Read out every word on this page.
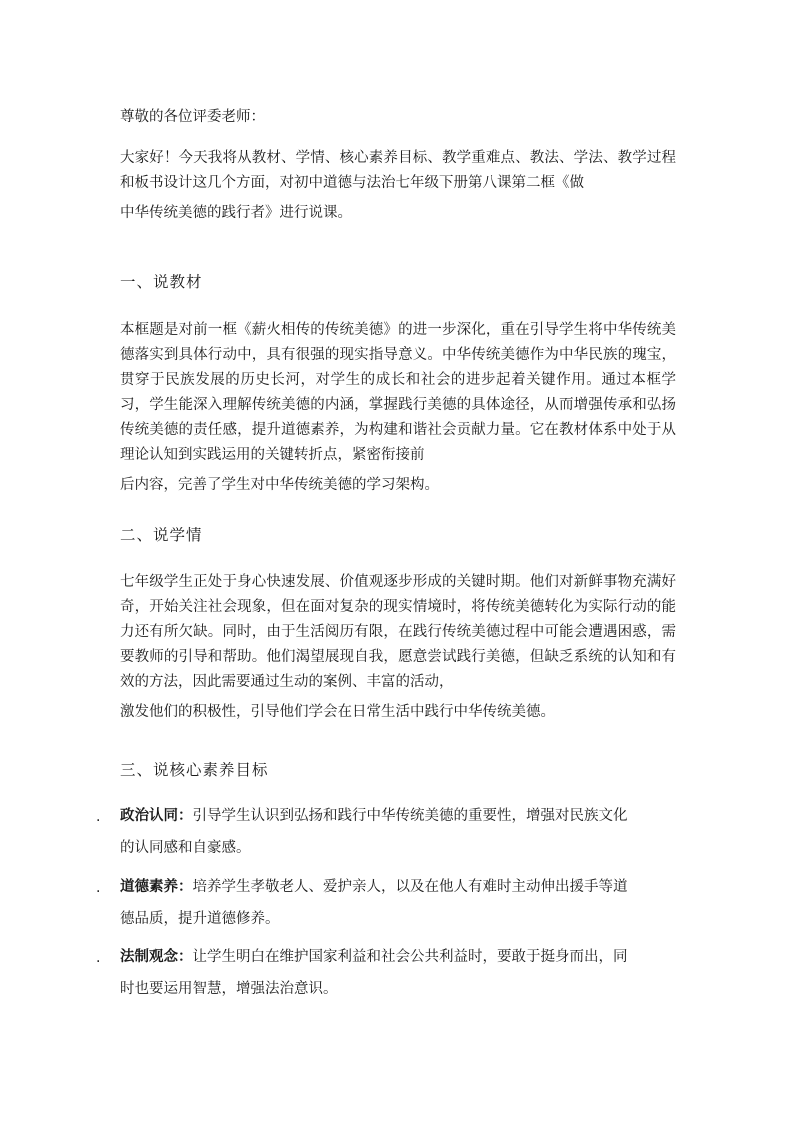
尊敬的各位评委老师：

大家好！今天我将从教材、学情、核心素养目标、教学重难点、教法、学法、教学过程和板书设计这几个方面，对初中道德与法治七年级下册第八课第二框《做
中华传统美德的践行者》进行说课。

一、说教材

本框题是对前一框《薪火相传的传统美德》的进一步深化，重在引导学生将中华传统美德落实到具体行动中，具有很强的现实指导意义。中华传统美德作为中华民族的瑰宝，贯穿于民族发展的历史长河，对学生的成长和社会的进步起着关键作用。通过本框学习，学生能深入理解传统美德的内涵，掌握践行美德的具体途径，从而增强传承和弘扬传统美德的责任感，提升道德素养，为构建和谐社会贡献力量。它在教材体系中处于从理论认知到实践运用的关键转折点，紧密衔接前
后内容，完善了学生对中华传统美德的学习架构。

二、说学情

七年级学生正处于身心快速发展、价值观逐步形成的关键时期。他们对新鲜事物充满好奇，开始关注社会现象，但在面对复杂的现实情境时，将传统美德转化为实际行动的能力还有所欠缺。同时，由于生活阅历有限，在践行传统美德过程中可能会遭遇困惑，需要教师的引导和帮助。他们渴望展现自我，愿意尝试践行美德，但缺乏系统的认知和有效的方法，因此需要通过生动的案例、丰富的活动，
激发他们的积极性，引导他们学会在日常生活中践行中华传统美德。

三、说核心素养目标
. 政治认同：引导学生认识到弘扬和践行中华传统美德的重要性，增强对民族文化
的认同感和自豪感。
. 道德素养：培养学生孝敬老人、爱护亲人，以及在他人有难时主动伸出援手等道
德品质，提升道德修养。
. 法制观念：让学生明白在维护国家利益和社会公共利益时，要敢于挺身而出，同
时也要运用智慧，增强法治意识。
